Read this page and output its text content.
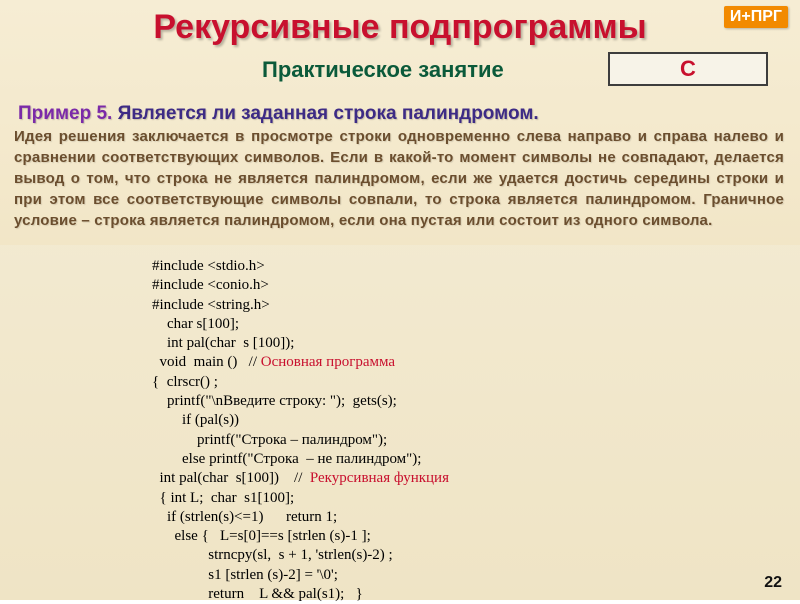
Рекурсивные подпрограммы	И+ПРГ
Практическое занятие	С
Пример 5. Является ли заданная строка палиндромом.
Идея решения заключается в просмотре строки одновременно слева направо и справа налево и сравнении соответствующих символов. Если в какой-то момент символы не совпадают, делается вывод о том, что строка не является палиндромом, если же удается достичь середины строки и при этом все соответствующие символы совпали, то строка является палиндромом. Граничное условие – строка является палиндромом, если она пустая или состоит из одного символа.
#include <stdio.h>
#include <conio.h>
#include <string.h>
char s[100];
int pal(char  s [100]);
void  main ()   // Основная программа
{  clrscr() ;
printf("\nВведите строку: ");  gets(s);
if (pal(s))
printf("Строка – палиндром");
else printf("Строка  – не палиндром");
int pal(char  s[100])    //  Рекурсивная функция
{ int L;  char  s1[100];
if (strlen(s)<=1)      return 1;
else {   L=s[0]==s [strlen (s)-1 ];
strncpy(sl,  s + 1, 'strlen(s)-2) ;
s1 [strlen (s)-2] = '\0';
return    L && pal(s1);   }
22
